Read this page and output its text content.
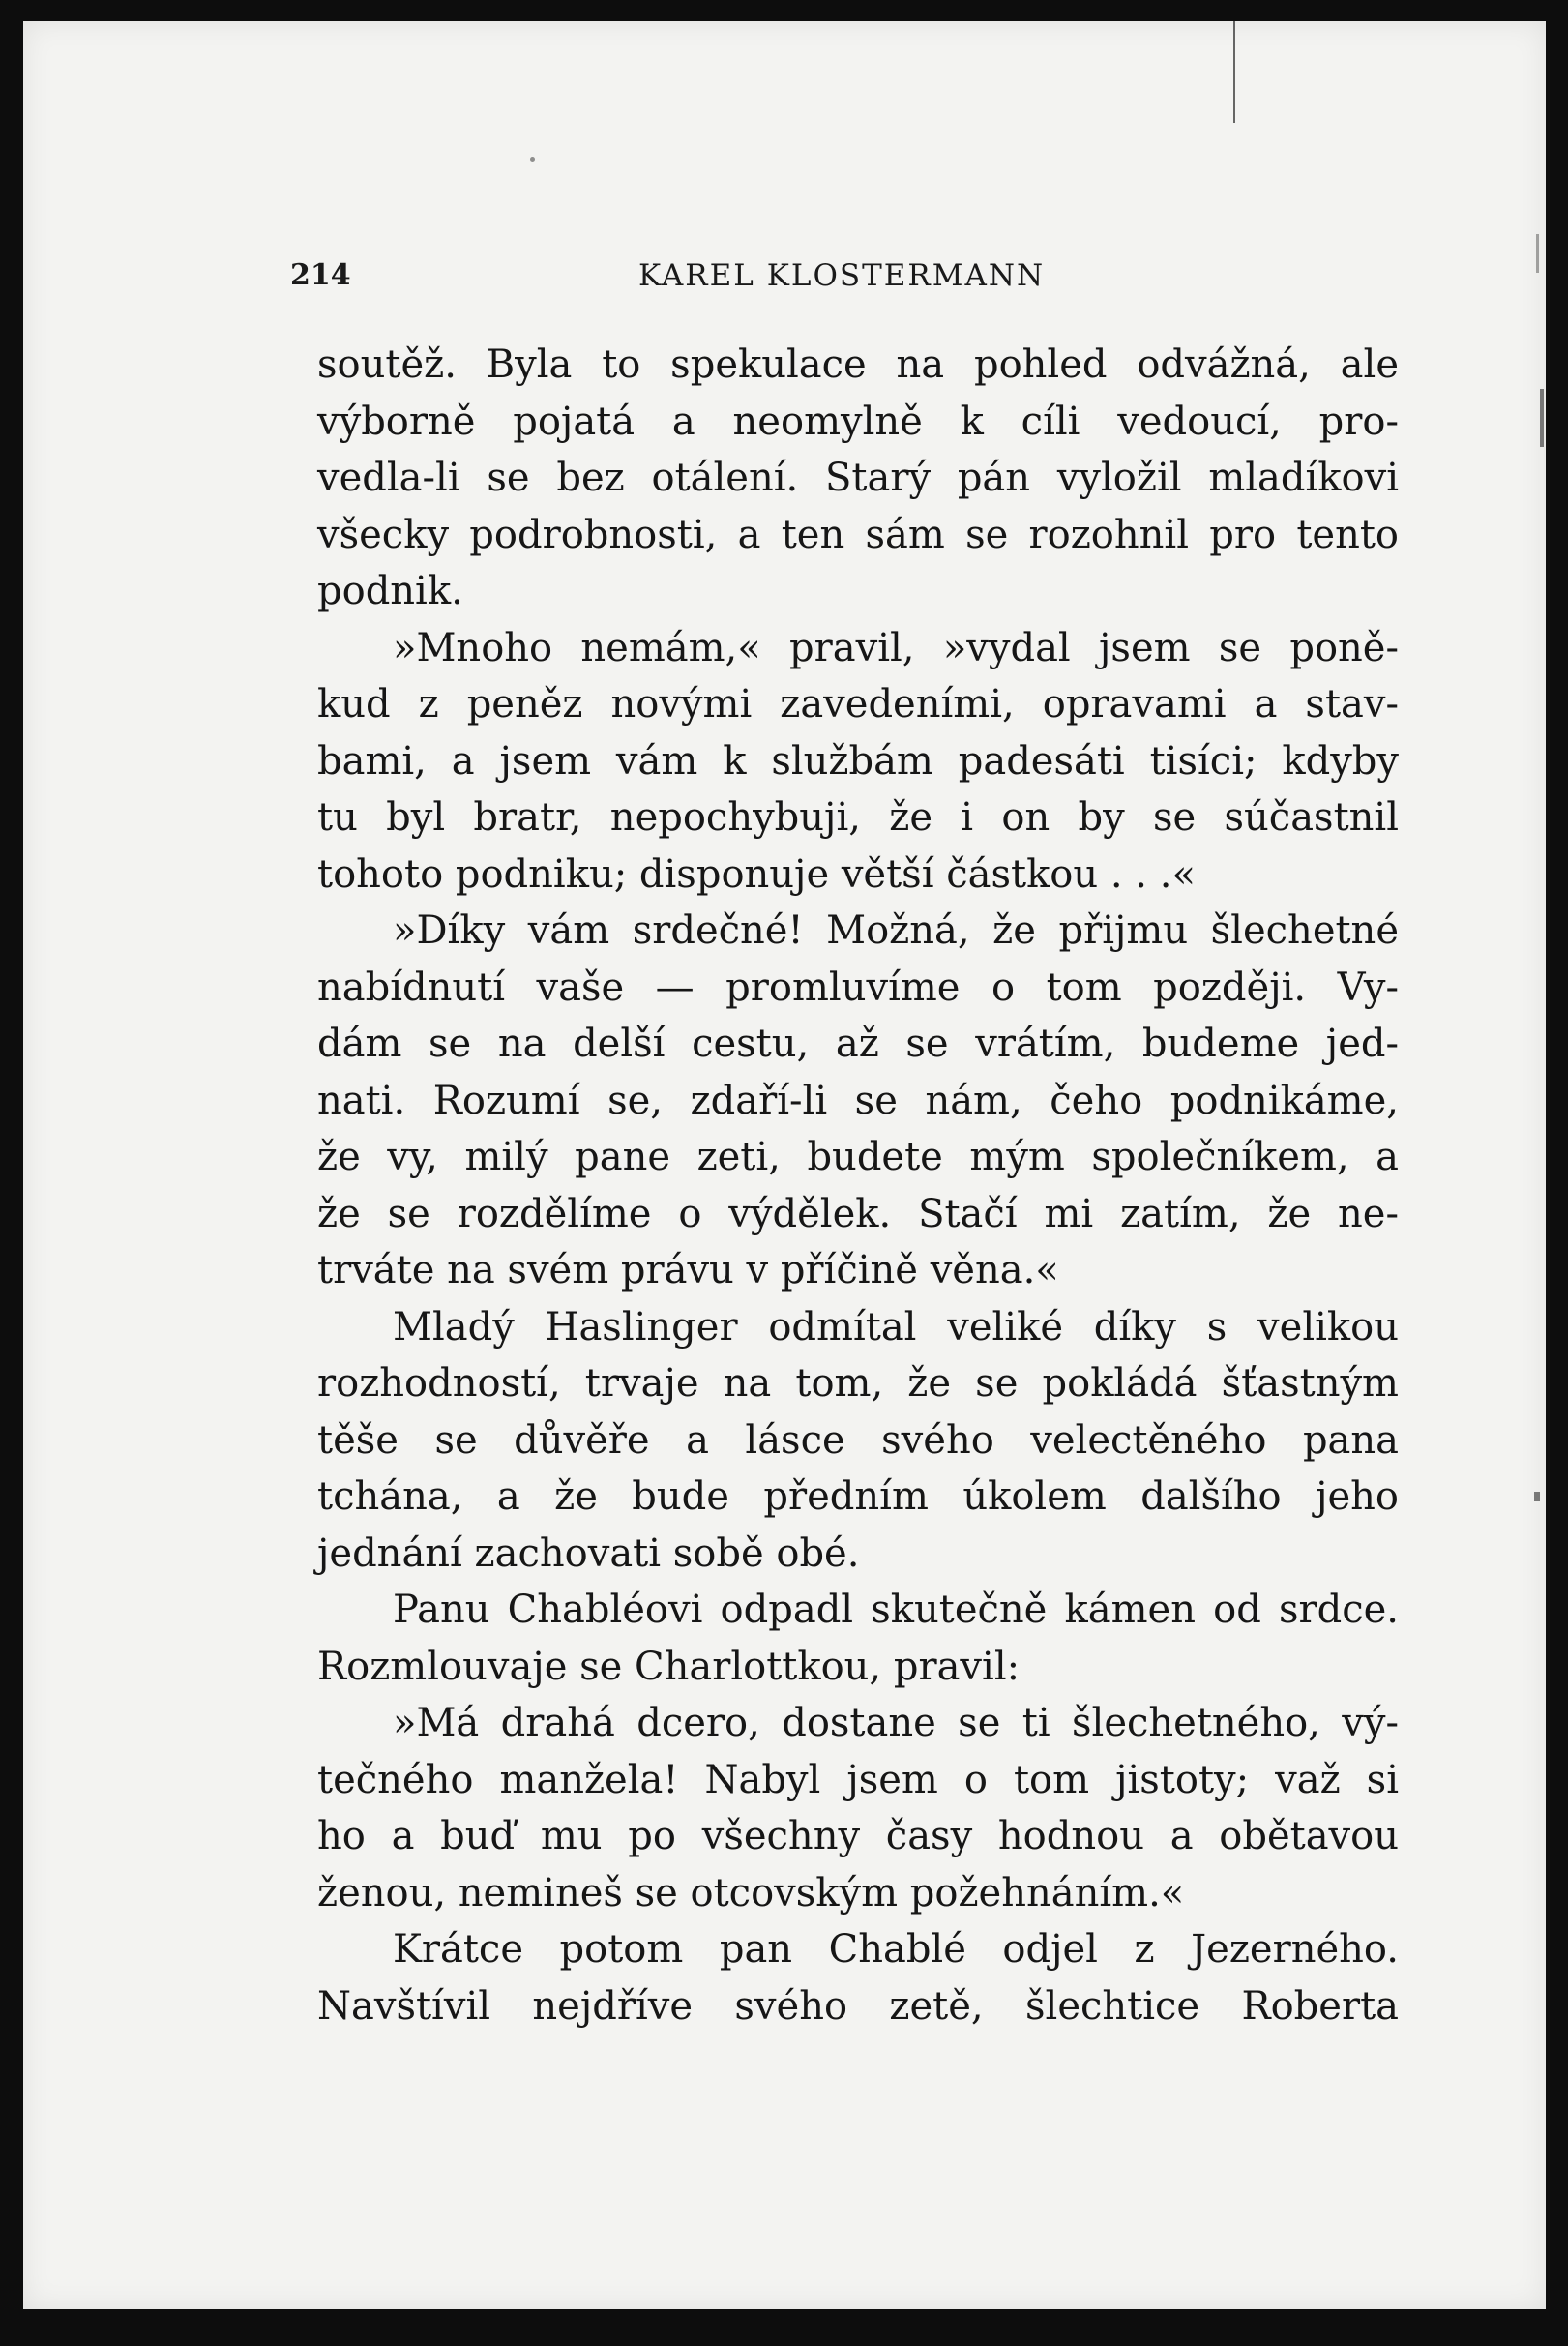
214	KAREL KLOSTERMANN
soutěž. Byla to spekulace na pohled odvážná, ale
výborně pojatá a neomylně k cíli vedoucí, pro-
vedla-li se bez otálení. Starý pán vyložil mladíkovi
všecky podrobnosti, a ten sám se rozohnil pro tento
podnik.
»Mnoho nemám,« pravil, »vydal jsem se poně-
kud z peněz novými zavedeními, opravami a stav-
bami, a jsem vám k službám padesáti tisíci; kdyby
tu byl bratr, nepochybuji, že i on by se súčastnil
tohoto podniku; disponuje větší částkou . . .«
»Díky vám srdečné! Možná, že přijmu šlechetné
nabídnutí vaše — promluvíme o tom později. Vy-
dám se na delší cestu, až se vrátím, budeme jed-
nati. Rozumí se, zdaří-li se nám, čeho podnikáme,
že vy, milý pane zeti, budete mým společníkem, a
že se rozdělíme o výdělek. Stačí mi zatím, že ne-
trváte na svém právu v příčině věna.«
Mladý Haslinger odmítal veliké díky s velikou
rozhodností, trvaje na tom, že se pokládá šťastným
těše se důvěře a lásce svého velectěného pana
tchána, a že bude předním úkolem dalšího jeho
jednání zachovati sobě obé.
Panu Chabléovi odpadl skutečně kámen od srdce.
Rozmlouvaje se Charlottkou, pravil:
»Má drahá dcero, dostane se ti šlechetného, vý-
tečného manžela! Nabyl jsem o tom jistoty; važ si
ho a buď mu po všechny časy hodnou a obětavou
ženou, nemineš se otcovským požehnáním.«
Krátce potom pan Chablé odjel z Jezerného.
Navštívil nejdříve svého zetě, šlechtice Roberta
